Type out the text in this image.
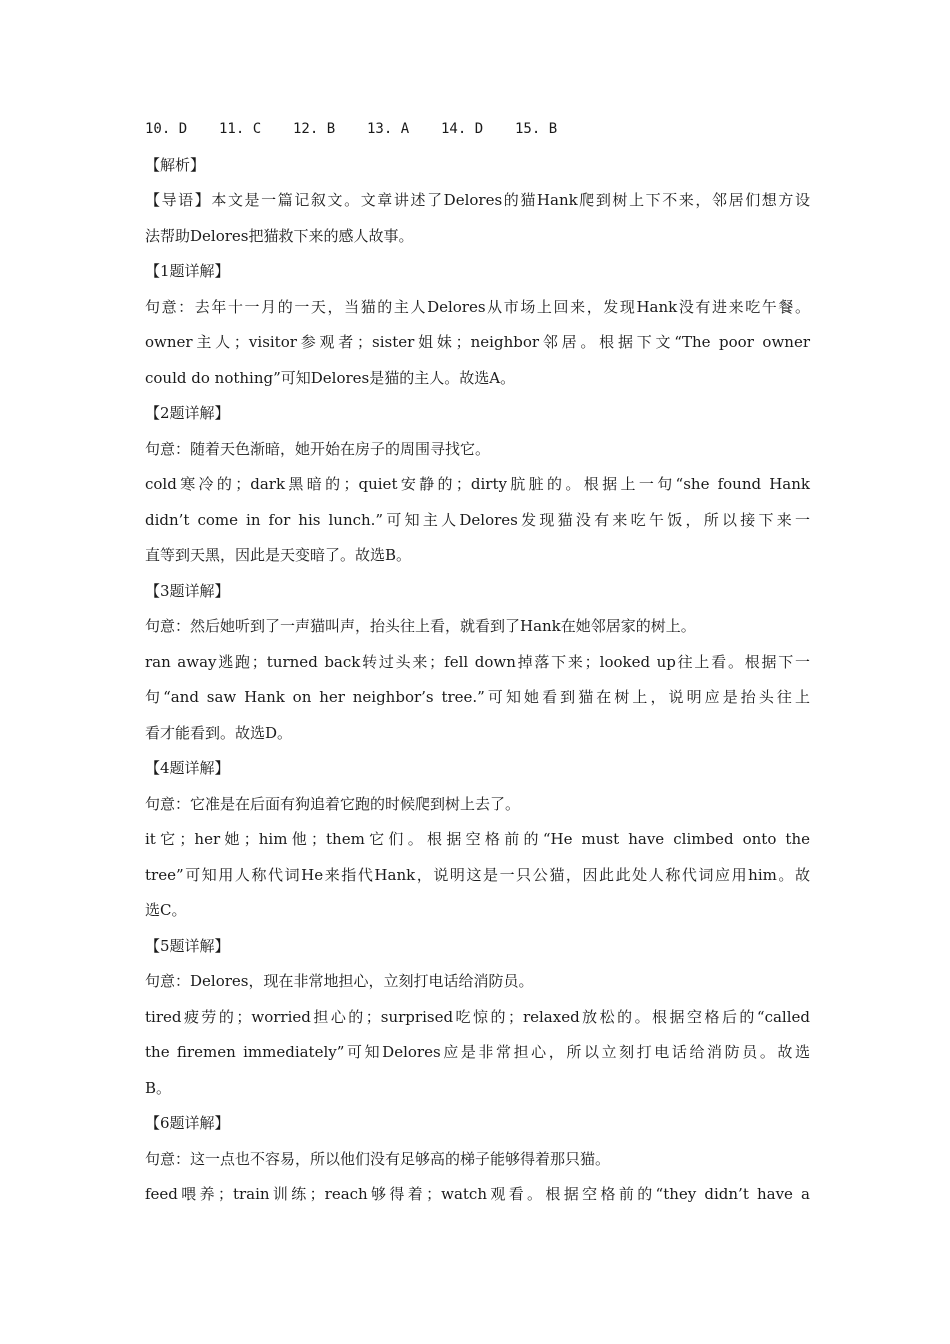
10. D	11. C	12. B	13. A	14. D	15. B
【解析】
【导语】本文是一篇记叙文。文章讲述了Delores的猫Hank爬到树上下不来，邻居们想方设
法帮助Delores把猫救下来的感人故事。
【1题详解】
句意：去年十一月的一天，当猫的主人Delores从市场上回来，发现Hank没有进来吃午餐。
owner主人；visitor参观者；sister姐妹；neighbor邻居。根据下文“The poor owner
could do nothing”可知Delores是猫的主人。故选A。
【2题详解】
句意：随着天色渐暗，她开始在房子的周围寻找它。
cold寒冷的；dark黑暗的；quiet安静的；dirty肮脏的。根据上一句“she found Hank
didn’t come in for his lunch.”可知主人Delores发现猫没有来吃午饭，所以接下来一
直等到天黑，因此是天变暗了。故选B。
【3题详解】
句意：然后她听到了一声猫叫声，抬头往上看，就看到了Hank在她邻居家的树上。
ran away逃跑；turned back转过头来；fell down掉落下来；looked up往上看。根据下一
句“and saw Hank on her neighbor’s tree.”可知她看到猫在树上，说明应是抬头往上
看才能看到。故选D。
【4题详解】
句意：它准是在后面有狗追着它跑的时候爬到树上去了。
it它；her她；him他；them它们。根据空格前的“He must have climbed onto the
tree”可知用人称代词He来指代Hank，说明这是一只公猫，因此此处人称代词应用him。故
选C。
【5题详解】
句意：Delores，现在非常地担心，立刻打电话给消防员。
tired疲劳的；worried担心的；surprised吃惊的；relaxed放松的。根据空格后的“called
the firemen immediately”可知Delores应是非常担心，所以立刻打电话给消防员。故选
B。
【6题详解】
句意：这一点也不容易，所以他们没有足够高的梯子能够得着那只猫。
feed喂养；train训练；reach够得着；watch观看。根据空格前的“they didn’t have a
